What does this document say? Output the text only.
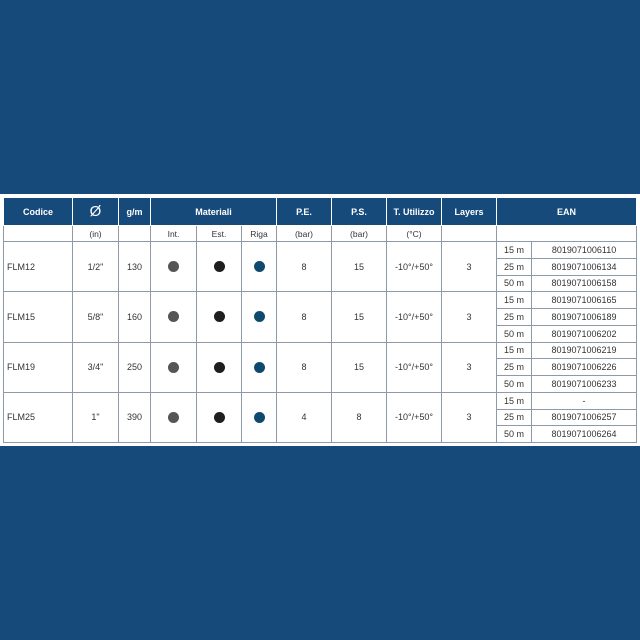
Codice	Ø	g/m	Materiali			P.E.	P.S.	T. Utilizzo	Layers	EAN	
	(in)		Int.	Est.	Riga	(bar)	(bar)	(°C)			
FLM12	1/2"	130				8	15	-10°/+50°	3	15 m	8019071006110
										25 m	8019071006134
										50 m	8019071006158
FLM15	5/8"	160				8	15	-10°/+50°	3	15 m	8019071006165
										25 m	8019071006189
										50 m	8019071006202
FLM19	3/4"	250				8	15	-10°/+50°	3	15 m	8019071006219
										25 m	8019071006226
										50 m	8019071006233
FLM25	1"	390				4	8	-10°/+50°	3	15 m	-
										25 m	8019071006257
										50 m	8019071006264
